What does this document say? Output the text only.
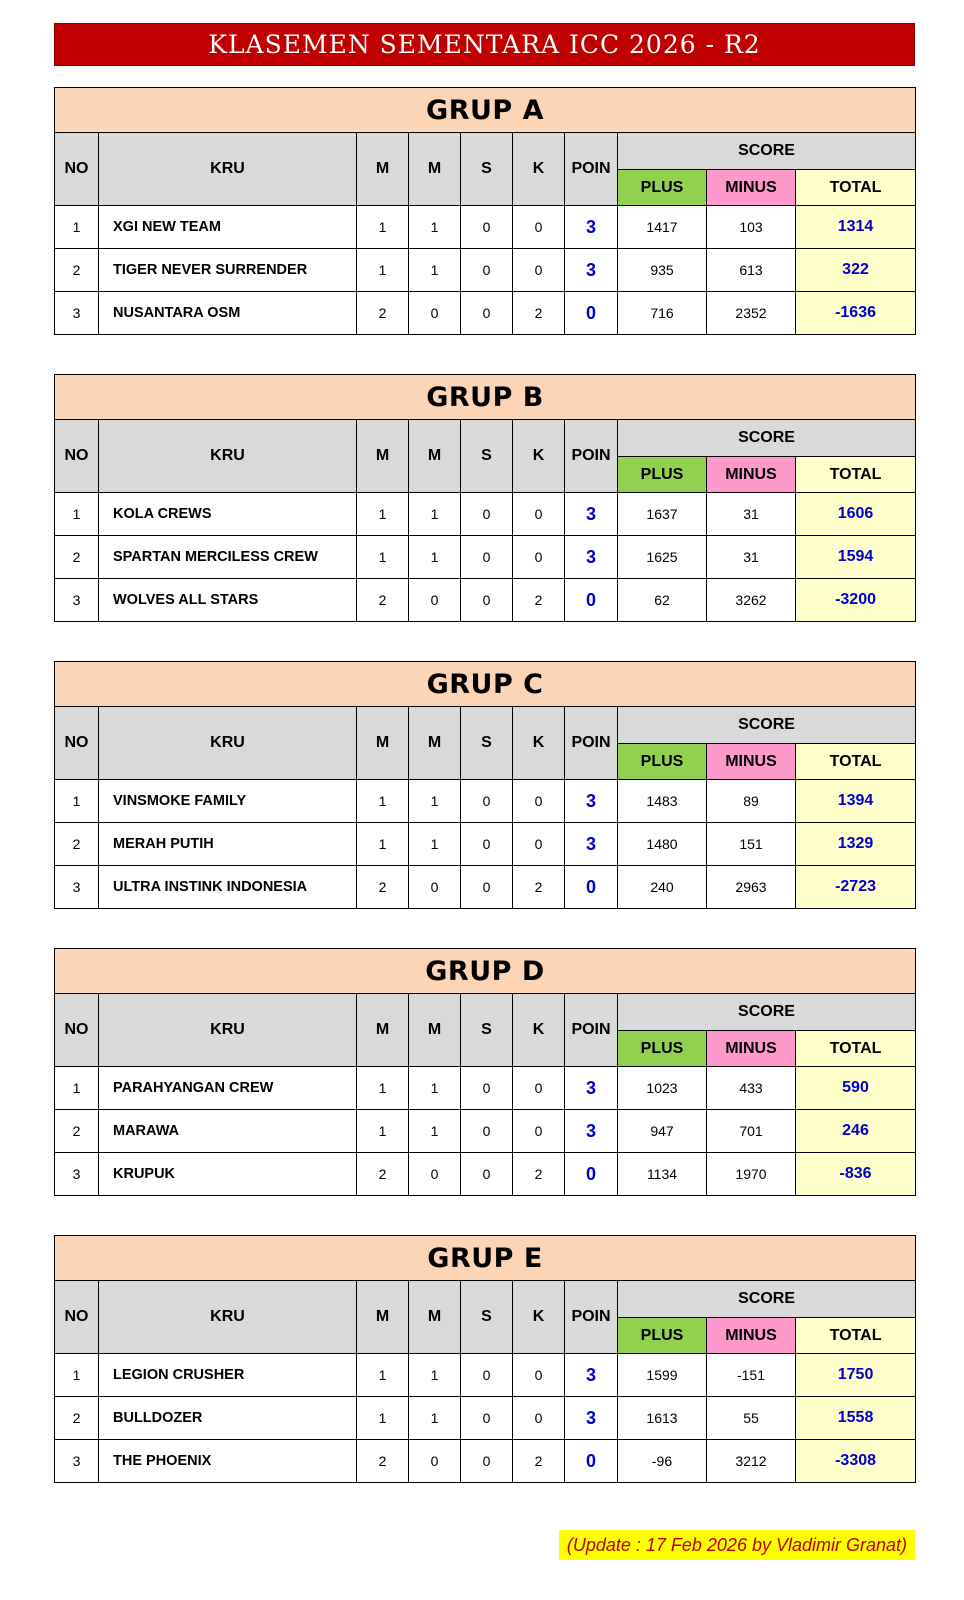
KLASEMEN SEMENTARA ICC 2026 - R2
GRUP A									
NO	KRU	M	M	S	K	POIN	SCORE		
							PLUS	MINUS	TOTAL
1	XGI NEW TEAM	1	1	0	0	3	1417	103	1314
2	TIGER NEVER SURRENDER	1	1	0	0	3	935	613	322
3	NUSANTARA OSM	2	0	0	2	0	716	2352	-1636
GRUP B									
NO	KRU	M	M	S	K	POIN	SCORE		
							PLUS	MINUS	TOTAL
1	KOLA CREWS	1	1	0	0	3	1637	31	1606
2	SPARTAN MERCILESS CREW	1	1	0	0	3	1625	31	1594
3	WOLVES ALL STARS	2	0	0	2	0	62	3262	-3200
GRUP C									
NO	KRU	M	M	S	K	POIN	SCORE		
							PLUS	MINUS	TOTAL
1	VINSMOKE FAMILY	1	1	0	0	3	1483	89	1394
2	MERAH PUTIH	1	1	0	0	3	1480	151	1329
3	ULTRA INSTINK INDONESIA	2	0	0	2	0	240	2963	-2723
GRUP D									
NO	KRU	M	M	S	K	POIN	SCORE		
							PLUS	MINUS	TOTAL
1	PARAHYANGAN CREW	1	1	0	0	3	1023	433	590
2	MARAWA	1	1	0	0	3	947	701	246
3	KRUPUK	2	0	0	2	0	1134	1970	-836
GRUP E									
NO	KRU	M	M	S	K	POIN	SCORE		
							PLUS	MINUS	TOTAL
1	LEGION CRUSHER	1	1	0	0	3	1599	-151	1750
2	BULLDOZER	1	1	0	0	3	1613	55	1558
3	THE PHOENIX	2	0	0	2	0	-96	3212	-3308
(Update : 17 Feb 2026 by Vladimir Granat)
